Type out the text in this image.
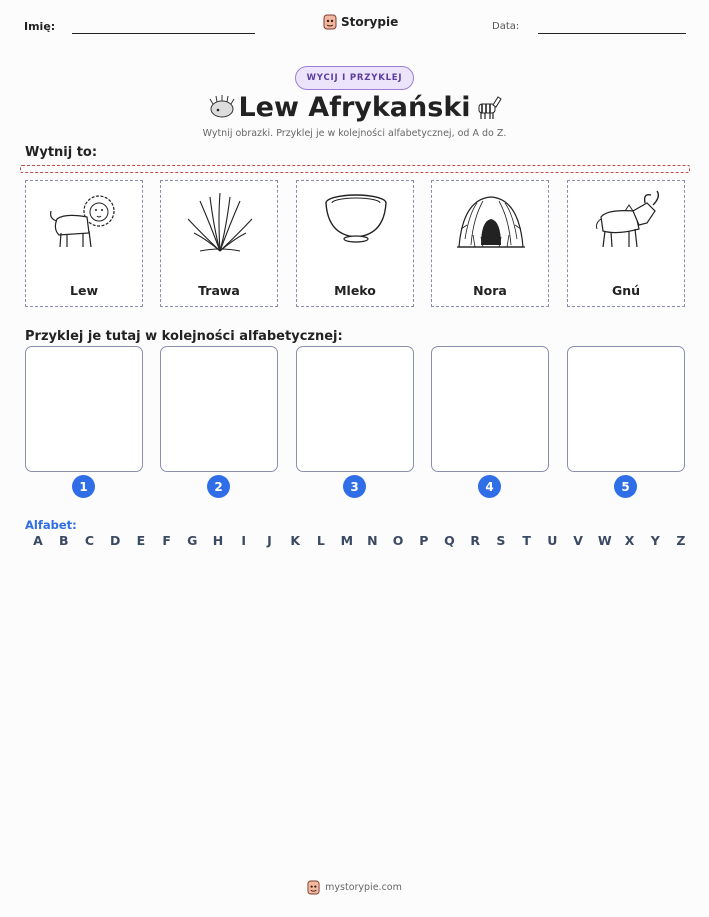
Imię:	Storypie	Data:
WYCIJ I PRZYKLEJ
Lew Afrykański
Wytnij obrazki. Przyklej je w kolejności alfabetycznej, od A do Z.
Wytnij to:
Lew	Trawa	Mleko	Nora	Gnú
Przyklej je tutaj w kolejności alfabetycznej:
1	2	3	4	5
Alfabet:
A B C D E F G H I J K L M N O P Q R S T U V W X Y Z
mystorypie.com
